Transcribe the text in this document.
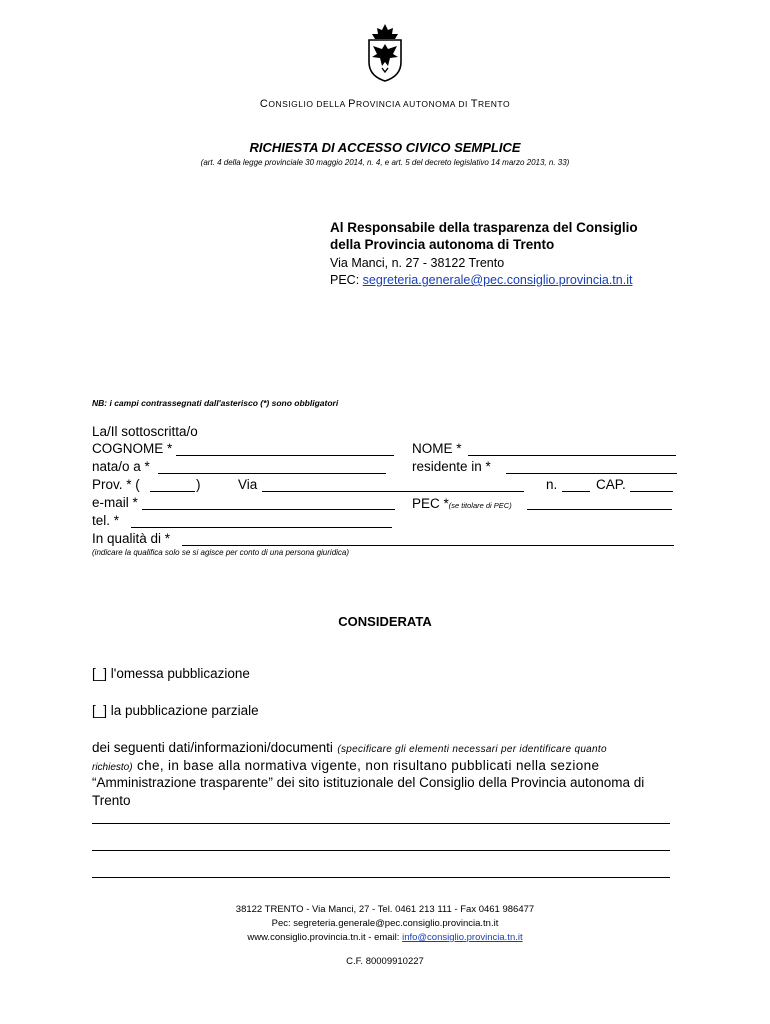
CONSIGLIO DELLA PROVINCIA AUTONOMA DI TRENTO
RICHIESTA DI ACCESSO CIVICO SEMPLICE
(art. 4 della legge provinciale 30 maggio 2014, n. 4, e art. 5 del decreto legislativo 14 marzo 2013, n. 33)
Al Responsabile della trasparenza del Consiglio
della Provincia autonoma di Trento
Via Manci, n. 27 - 38122 Trento
PEC: segreteria.generale@pec.consiglio.provincia.tn.it
NB: i campi contrassegnati dall'asterisco (*) sono obbligatori
La/Il sottoscritta/o
COGNOME *	NOME *
nata/o a *	residente in *
Prov. * (	)	Via	n.	CAP.
e-mail *	PEC *(se titolare di PEC)
tel. *
In qualità di *
(indicare la qualifica solo se si agisce per conto di una persona giuridica)
CONSIDERATA
[_] l'omessa pubblicazione
[_] la pubblicazione parziale
dei seguenti dati/informazioni/documenti (specificare gli elementi necessari per identificare quanto
richiesto) che, in base alla normativa vigente, non risultano pubblicati nella sezione
“Amministrazione trasparente” dei sito istituzionale del Consiglio della Provincia autonoma di
Trento
38122 TRENTO - Via Manci, 27 - Tel. 0461 213 111 - Fax 0461 986477
Pec: segreteria.generale@pec.consiglio.provincia.tn.it
www.consiglio.provincia.tn.it - email: info@consiglio.provincia.tn.it
C.F. 80009910227
